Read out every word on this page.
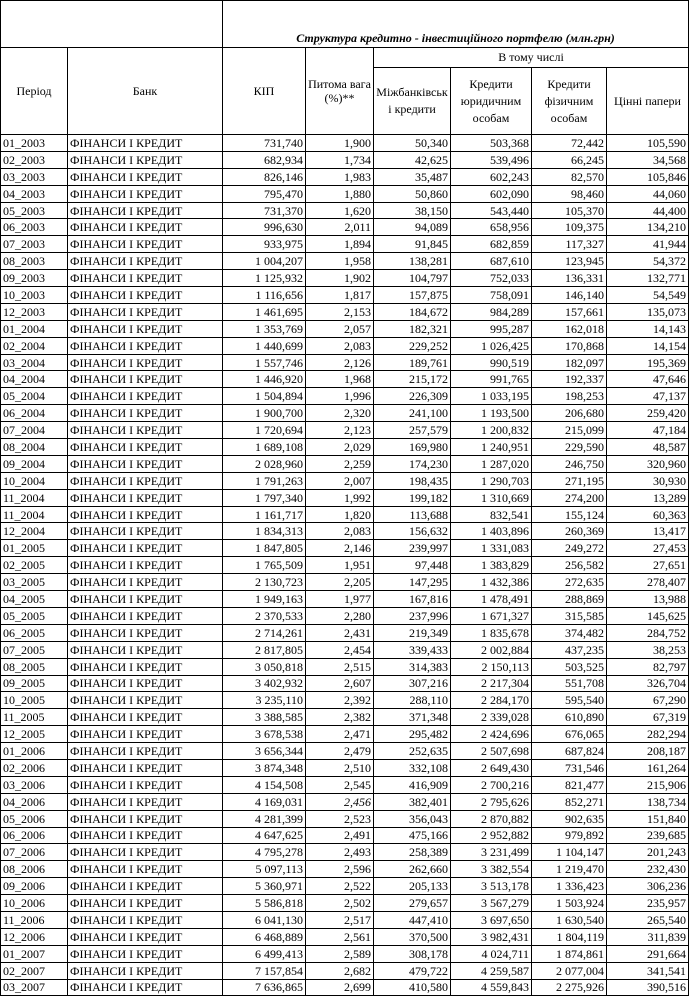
		Структура кредитно - інвестиційного портфелю (млн.грн)					
Період	Банк	КІП	Питома вага (%)**	В тому числі			
				Міжбанківські кредити	Кредити юридичним особам	Кредити фізичним особам	Цінні папери
01_2003	ФІНАНСИ І КРЕДИТ	731,740	1,900	50,340	503,368	72,442	105,590
02_2003	ФІНАНСИ І КРЕДИТ	682,934	1,734	42,625	539,496	66,245	34,568
03_2003	ФІНАНСИ І КРЕДИТ	826,146	1,983	35,487	602,243	82,570	105,846
04_2003	ФІНАНСИ І КРЕДИТ	795,470	1,880	50,860	602,090	98,460	44,060
05_2003	ФІНАНСИ І КРЕДИТ	731,370	1,620	38,150	543,440	105,370	44,400
06_2003	ФІНАНСИ І КРЕДИТ	996,630	2,011	94,089	658,956	109,375	134,210
07_2003	ФІНАНСИ І КРЕДИТ	933,975	1,894	91,845	682,859	117,327	41,944
08_2003	ФІНАНСИ І КРЕДИТ	1 004,207	1,958	138,281	687,610	123,945	54,372
09_2003	ФІНАНСИ І КРЕДИТ	1 125,932	1,902	104,797	752,033	136,331	132,771
10_2003	ФІНАНСИ І КРЕДИТ	1 116,656	1,817	157,875	758,091	146,140	54,549
12_2003	ФІНАНСИ І КРЕДИТ	1 461,695	2,153	184,672	984,289	157,661	135,073
01_2004	ФІНАНСИ І КРЕДИТ	1 353,769	2,057	182,321	995,287	162,018	14,143
02_2004	ФІНАНСИ І КРЕДИТ	1 440,699	2,083	229,252	1 026,425	170,868	14,154
03_2004	ФІНАНСИ І КРЕДИТ	1 557,746	2,126	189,761	990,519	182,097	195,369
04_2004	ФІНАНСИ І КРЕДИТ	1 446,920	1,968	215,172	991,765	192,337	47,646
05_2004	ФІНАНСИ І КРЕДИТ	1 504,894	1,996	226,309	1 033,195	198,253	47,137
06_2004	ФІНАНСИ І КРЕДИТ	1 900,700	2,320	241,100	1 193,500	206,680	259,420
07_2004	ФІНАНСИ І КРЕДИТ	1 720,694	2,123	257,579	1 200,832	215,099	47,184
08_2004	ФІНАНСИ І КРЕДИТ	1 689,108	2,029	169,980	1 240,951	229,590	48,587
09_2004	ФІНАНСИ І КРЕДИТ	2 028,960	2,259	174,230	1 287,020	246,750	320,960
10_2004	ФІНАНСИ І КРЕДИТ	1 791,263	2,007	198,435	1 290,703	271,195	30,930
11_2004	ФІНАНСИ І КРЕДИТ	1 797,340	1,992	199,182	1 310,669	274,200	13,289
11_2004	ФІНАНСИ І КРЕДИТ	1 161,717	1,820	113,688	832,541	155,124	60,363
12_2004	ФІНАНСИ І КРЕДИТ	1 834,313	2,083	156,632	1 403,896	260,369	13,417
01_2005	ФІНАНСИ І КРЕДИТ	1 847,805	2,146	239,997	1 331,083	249,272	27,453
02_2005	ФІНАНСИ І КРЕДИТ	1 765,509	1,951	97,448	1 383,829	256,582	27,651
03_2005	ФІНАНСИ І КРЕДИТ	2 130,723	2,205	147,295	1 432,386	272,635	278,407
04_2005	ФІНАНСИ І КРЕДИТ	1 949,163	1,977	167,816	1 478,491	288,869	13,988
05_2005	ФІНАНСИ І КРЕДИТ	2 370,533	2,280	237,996	1 671,327	315,585	145,625
06_2005	ФІНАНСИ І КРЕДИТ	2 714,261	2,431	219,349	1 835,678	374,482	284,752
07_2005	ФІНАНСИ І КРЕДИТ	2 817,805	2,454	339,433	2 002,884	437,235	38,253
08_2005	ФІНАНСИ І КРЕДИТ	3 050,818	2,515	314,383	2 150,113	503,525	82,797
09_2005	ФІНАНСИ І КРЕДИТ	3 402,932	2,607	307,216	2 217,304	551,708	326,704
10_2005	ФІНАНСИ І КРЕДИТ	3 235,110	2,392	288,110	2 284,170	595,540	67,290
11_2005	ФІНАНСИ І КРЕДИТ	3 388,585	2,382	371,348	2 339,028	610,890	67,319
12_2005	ФІНАНСИ І КРЕДИТ	3 678,538	2,471	295,482	2 424,696	676,065	282,294
01_2006	ФІНАНСИ І КРЕДИТ	3 656,344	2,479	252,635	2 507,698	687,824	208,187
02_2006	ФІНАНСИ І КРЕДИТ	3 874,348	2,510	332,108	2 649,430	731,546	161,264
03_2006	ФІНАНСИ І КРЕДИТ	4 154,508	2,545	416,909	2 700,216	821,477	215,906
04_2006	ФІНАНСИ І КРЕДИТ	4 169,031	2,456	382,401	2 795,626	852,271	138,734
05_2006	ФІНАНСИ І КРЕДИТ	4 281,399	2,523	356,043	2 870,882	902,635	151,840
06_2006	ФІНАНСИ І КРЕДИТ	4 647,625	2,491	475,166	2 952,882	979,892	239,685
07_2006	ФІНАНСИ І КРЕДИТ	4 795,278	2,493	258,389	3 231,499	1 104,147	201,243
08_2006	ФІНАНСИ І КРЕДИТ	5 097,113	2,596	262,660	3 382,554	1 219,470	232,430
09_2006	ФІНАНСИ І КРЕДИТ	5 360,971	2,522	205,133	3 513,178	1 336,423	306,236
10_2006	ФІНАНСИ І КРЕДИТ	5 586,818	2,502	279,657	3 567,279	1 503,924	235,957
11_2006	ФІНАНСИ І КРЕДИТ	6 041,130	2,517	447,410	3 697,650	1 630,540	265,540
12_2006	ФІНАНСИ І КРЕДИТ	6 468,889	2,561	370,500	3 982,431	1 804,119	311,839
01_2007	ФІНАНСИ І КРЕДИТ	6 499,413	2,589	308,178	4 024,711	1 874,861	291,664
02_2007	ФІНАНСИ І КРЕДИТ	7 157,854	2,682	479,722	4 259,587	2 077,004	341,541
03_2007	ФІНАНСИ І КРЕДИТ	7 636,865	2,699	410,580	4 559,843	2 275,926	390,516
